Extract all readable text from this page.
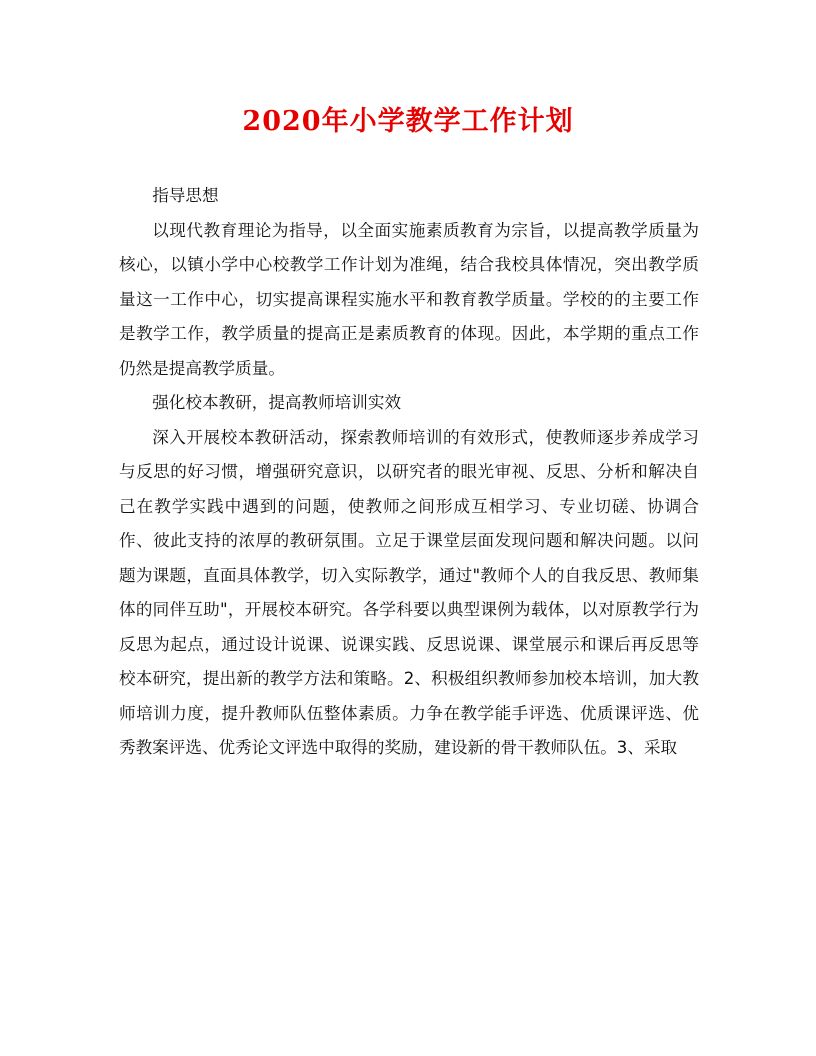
2020年小学教学工作计划

指导思想

以现代教育理论为指导，以全面实施素质教育为宗旨，以提高教学质量为核心，以镇小学中心校教学工作计划为准绳，结合我校具体情况，突出教学质量这一工作中心，切实提高课程实施水平和教育教学质量。学校的的主要工作是教学工作，教学质量的提高正是素质教育的体现。因此，本学期的重点工作仍然是提高教学质量。

强化校本教研，提高教师培训实效

深入开展校本教研活动，探索教师培训的有效形式，使教师逐步养成学习与反思的好习惯，增强研究意识，以研究者的眼光审视、反思、分析和解决自己在教学实践中遇到的问题，使教师之间形成互相学习、专业切磋、协调合作、彼此支持的浓厚的教研氛围。立足于课堂层面发现问题和解决问题。以问题为课题，直面具体教学，切入实际教学，通过"教师个人的自我反思、教师集体的同伴互助"，开展校本研究。各学科要以典型课例为载体，以对原教学行为反思为起点，通过设计说课、说课实践、反思说课、课堂展示和课后再反思等校本研究，提出新的教学方法和策略。2、积极组织教师参加校本培训，加大教师培训力度，提升教师队伍整体素质。力争在教学能手评选、优质课评选、优秀教案评选、优秀论文评选中取得的奖励，建设新的骨干教师队伍。3、采取
